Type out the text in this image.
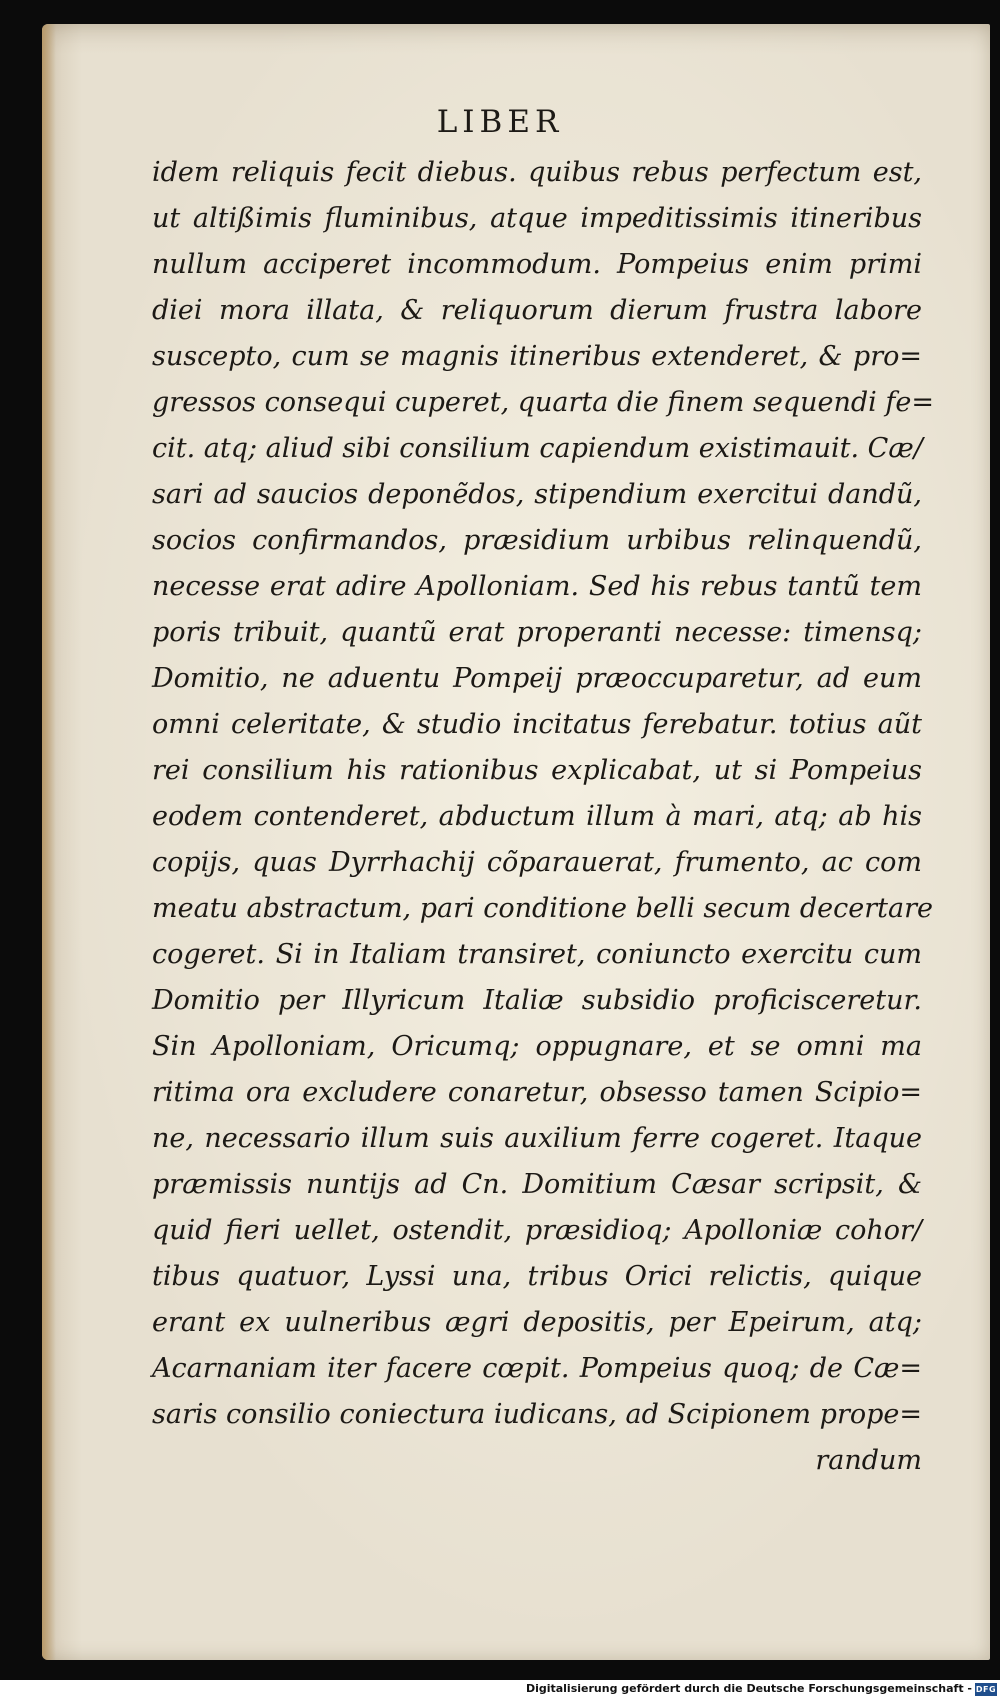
LIBER
idem reliquis fecit diebus. quibus rebus perfectum est,
ut altißimis fluminibus, atque impeditissimis itineribus
nullum acciperet incommodum. Pompeius enim primi
diei mora illata, & reliquorum dierum frustra labore
suscepto, cum se magnis itineribus extenderet, & pro=
gressos consequi cuperet, quarta die finem sequendi fe=
cit. atq; aliud sibi consilium capiendum existimauit. Cæ/
sari ad saucios deponẽdos, stipendium exercitui dandũ,
socios confirmandos, præsidium urbibus relinquendũ,
necesse erat adire Apolloniam. Sed his rebus tantũ tem
poris tribuit, quantũ erat properanti necesse: timensq;
Domitio, ne aduentu Pompeij præoccuparetur, ad eum
omni celeritate, & studio incitatus ferebatur. totius aũt
rei consilium his rationibus explicabat, ut si Pompeius
eodem contenderet, abductum illum à mari, atq; ab his
copijs, quas Dyrrhachij cõparauerat, frumento, ac com
meatu abstractum, pari conditione belli secum decertare
cogeret. Si in Italiam transiret, coniuncto exercitu cum
Domitio per Illyricum Italiæ subsidio proficisceretur.
Sin Apolloniam, Oricumq; oppugnare, et se omni ma
ritima ora excludere conaretur, obsesso tamen Scipio=
ne, necessario illum suis auxilium ferre cogeret. Itaque
præmissis nuntijs ad Cn. Domitium Cæsar scripsit, &
quid fieri uellet, ostendit, præsidioq; Apolloniæ cohor/
tibus quatuor, Lyssi una, tribus Orici relictis, quique
erant ex uulneribus ægri depositis, per Epeirum, atq;
Acarnaniam iter facere cœpit. Pompeius quoq; de Cæ=
saris consilio coniectura iudicans, ad Scipionem prope=
randum
Digitalisierung gefördert durch die Deutsche Forschungsgemeinschaft - DFG
